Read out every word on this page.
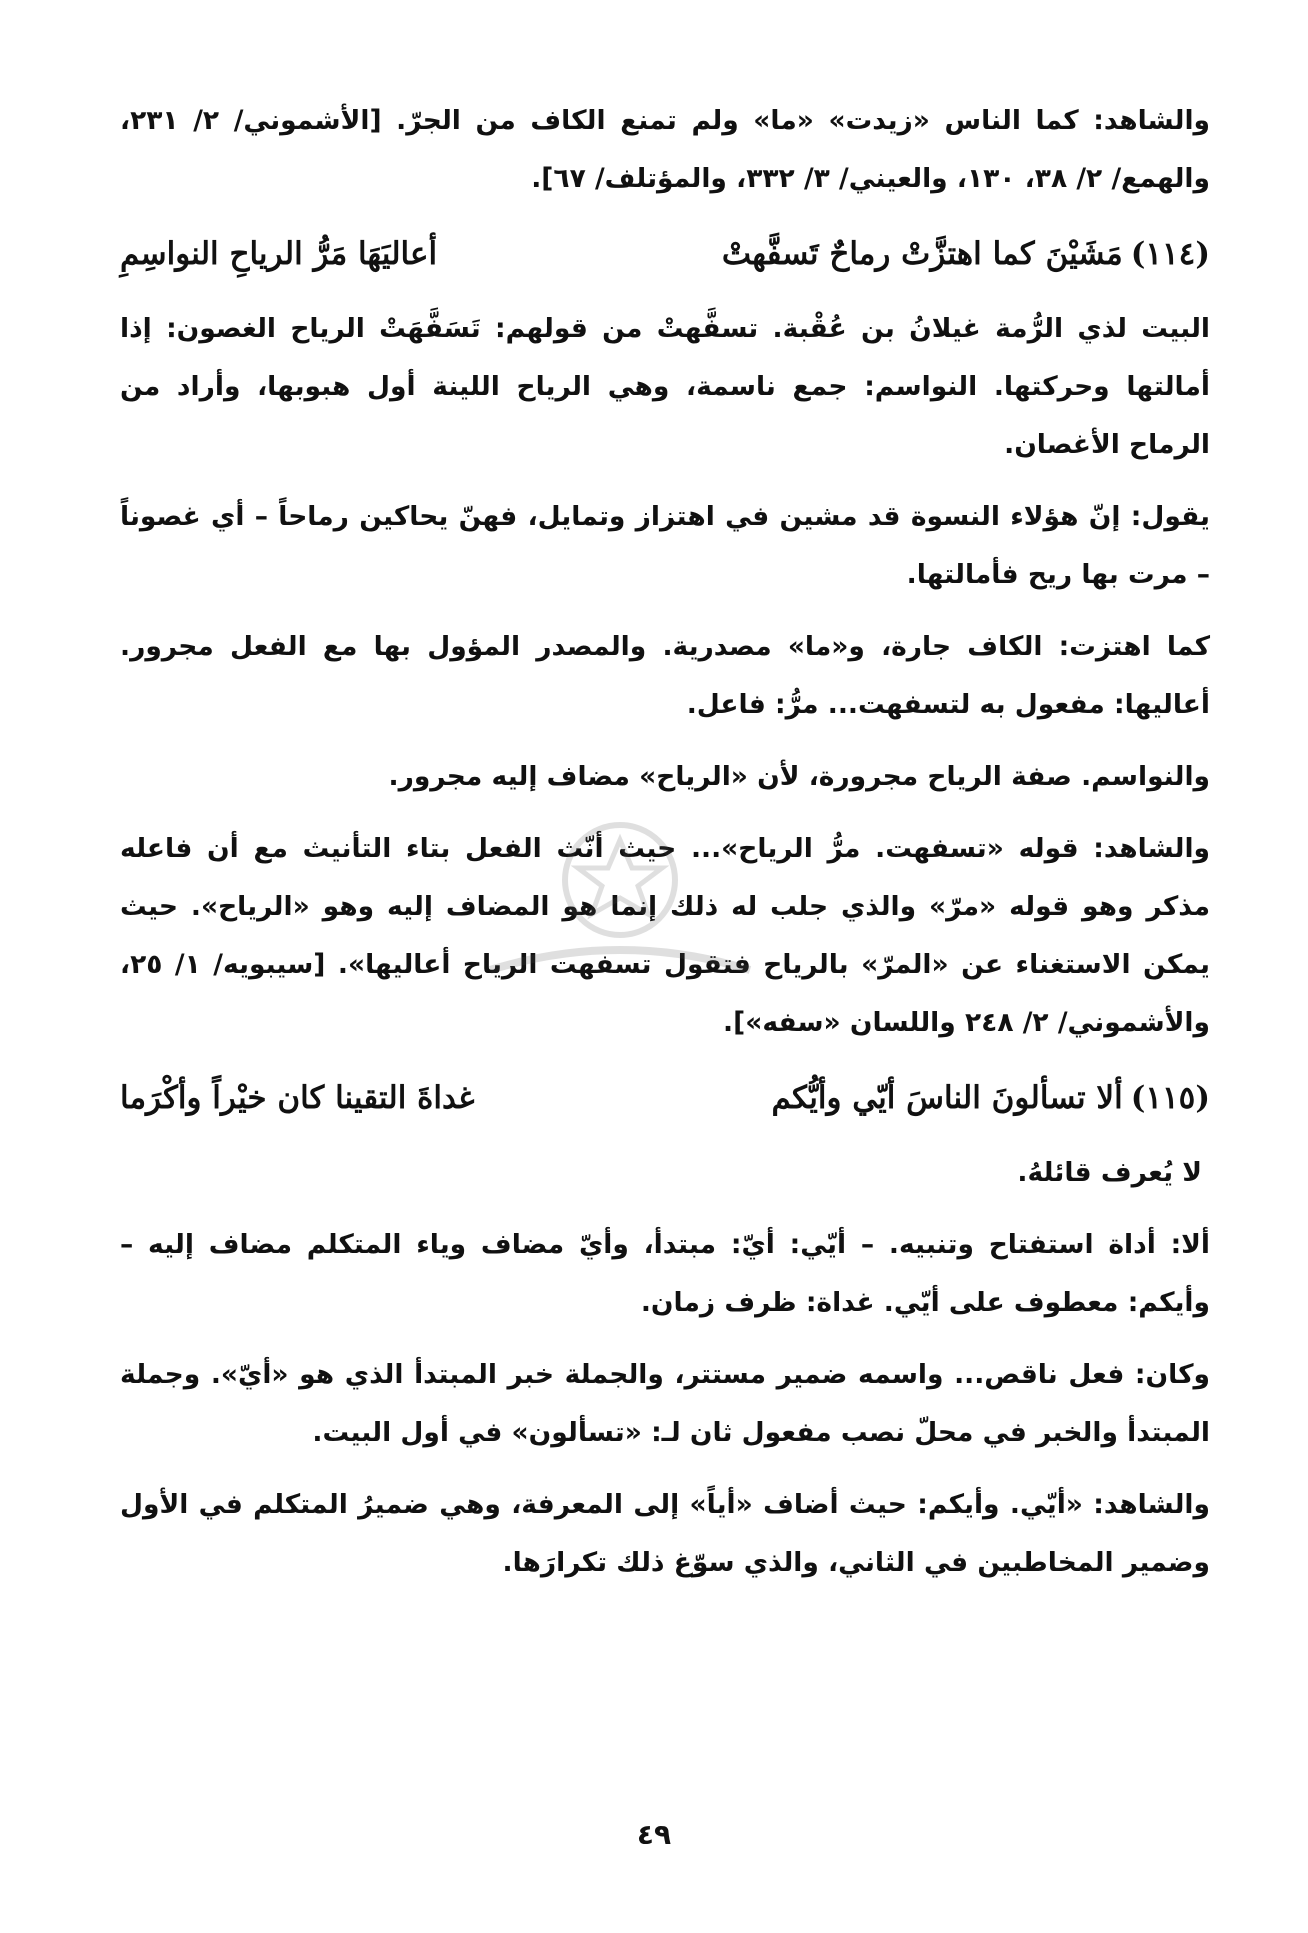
والشاهد: كما الناس «زيدت» «ما» ولم تمنع الكاف من الجرّ. [الأشموني/ ٢/ ٢٣١، والهمع/ ٢/ ٣٨، ١٣٠، والعيني/ ٣/ ٣٣٢، والمؤتلف/ ٦٧].

(١١٤)
مَشَيْنَ كما اهتزَّتْ رماحٌ تَسفَّهتْ
أعاليَهَا مَرُّ الرياحِ النواسِمِ

البيت لذي الرُّمة غيلانُ بن عُقْبة. تسفَّهتْ من قولهم: تَسَفَّهَتْ الرياح الغصون: إذا أمالتها وحركتها. النواسم: جمع ناسمة، وهي الرياح اللينة أول هبوبها، وأراد من الرماح الأغصان.

يقول: إنّ هؤلاء النسوة قد مشين في اهتزاز وتمايل، فهنّ يحاكين رماحاً – أي غصوناً – مرت بها ريح فأمالتها.

كما اهتزت: الكاف جارة، و«ما» مصدرية. والمصدر المؤول بها مع الفعل مجرور. أعاليها: مفعول به لتسفهت... مرُّ: فاعل.

والنواسم. صفة الرياح مجرورة، لأن «الرياح» مضاف إليه مجرور.

والشاهد: قوله «تسفهت. مرُّ الرياح»... حيث أنّث الفعل بتاء التأنيث مع أن فاعله مذكر وهو قوله «مرّ» والذي جلب له ذلك إنما هو المضاف إليه وهو «الرياح». حيث يمكن الاستغناء عن «المرّ» بالرياح فتقول تسفهت الرياح أعاليها». [سيبويه/ ١/ ٢٥، والأشموني/ ٢/ ٢٤٨ واللسان «سفه»].

(١١٥)
ألا تسألونَ الناسَ أيّي وأيُّكم
غداةَ التقينا كان خيْراً وأكْرَما

لا يُعرف قائلهُ.

ألا: أداة استفتاح وتنبيه. – أيّي: أيّ: مبتدأ، وأيّ مضاف وياء المتكلم مضاف إليه – وأيكم: معطوف على أيّي. غداة: ظرف زمان.

وكان: فعل ناقص... واسمه ضمير مستتر، والجملة خبر المبتدأ الذي هو «أيّ». وجملة المبتدأ والخبر في محلّ نصب مفعول ثان لـ: «تسألون» في أول البيت.

والشاهد: «أيّي. وأيكم: حيث أضاف «أياً» إلى المعرفة، وهي ضميرُ المتكلم في الأول وضمير المخاطبين في الثاني، والذي سوّغ ذلك تكرارَها.

٤٩
